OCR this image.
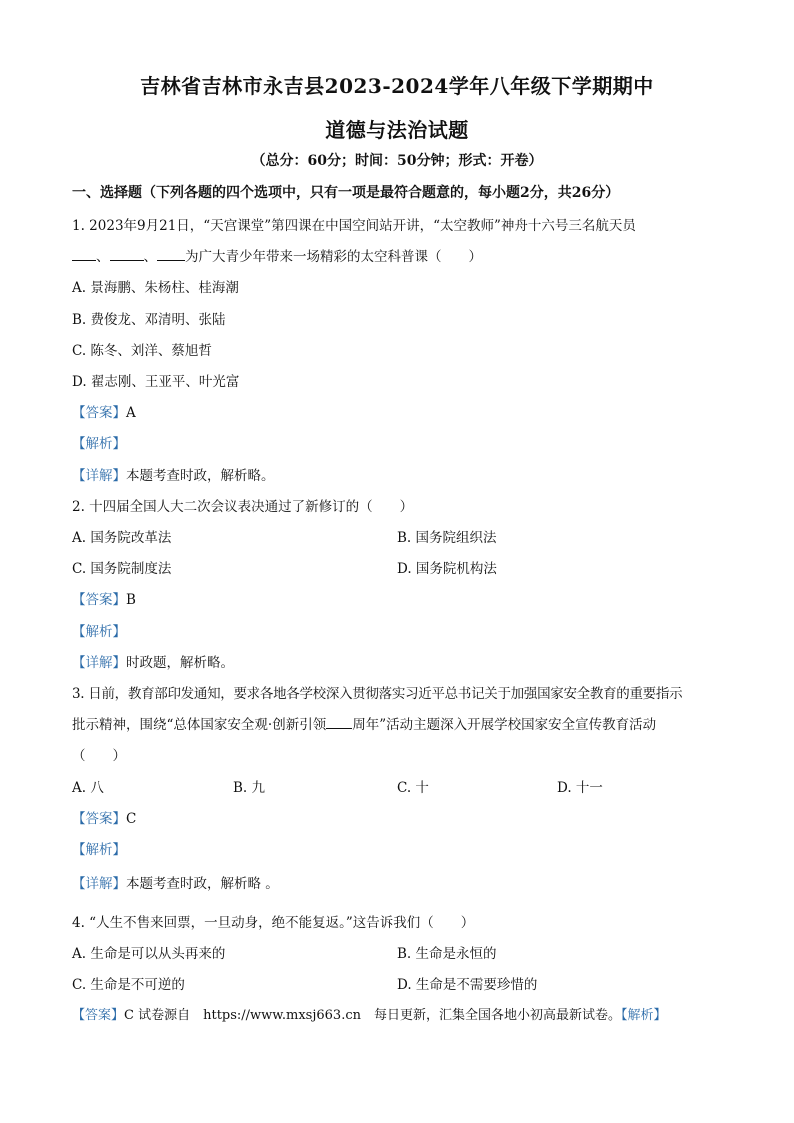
吉林省吉林市永吉县2023-2024学年八年级下学期期中
道德与法治试题
（总分：60分；时间：50分钟；形式：开卷）
一、选择题（下列各题的四个选项中，只有一项是最符合题意的，每小题2分，共26分）
1. 2023年9月21日，“天宫课堂”第四课在中国空间站开讲，“太空教师”神舟十六号三名航天员
、	、 为广大青少年带来一场精彩的太空科普课（　　）
A. 景海鹏、朱杨柱、桂海潮
B. 费俊龙、邓清明、张陆
C. 陈冬、刘洋、蔡旭哲
D. 翟志刚、王亚平、叶光富
【答案】A
【解析】
【详解】本题考查时政，解析略。
2. 十四届全国人大二次会议表决通过了新修订的（　　）
A. 国务院改革法	B. 国务院组织法
C. 国务院制度法	D. 国务院机构法
【答案】B
【解析】
【详解】时政题，解析略。
3. 日前，教育部印发通知，要求各地各学校深入贯彻落实习近平总书记关于加强国家安全教育的重要指示
批示精神，围绕“总体国家安全观·创新引领 周年”活动主题深入开展学校国家安全宣传教育活动
（　　）
A. 八	B. 九	C. 十	D. 十一
【答案】C
【解析】
【详解】本题考查时政，解析略 。
4. “人生不售来回票，一旦动身，绝不能复返。”这告诉我们（　　）
A. 生命是可以从头再来的	B. 生命是永恒的
C. 生命是不可逆的	D. 生命是不需要珍惜的
【答案】C 试卷源自　https://www.mxsj663.cn　每日更新，汇集全国各地小初高最新试卷。【解析】
